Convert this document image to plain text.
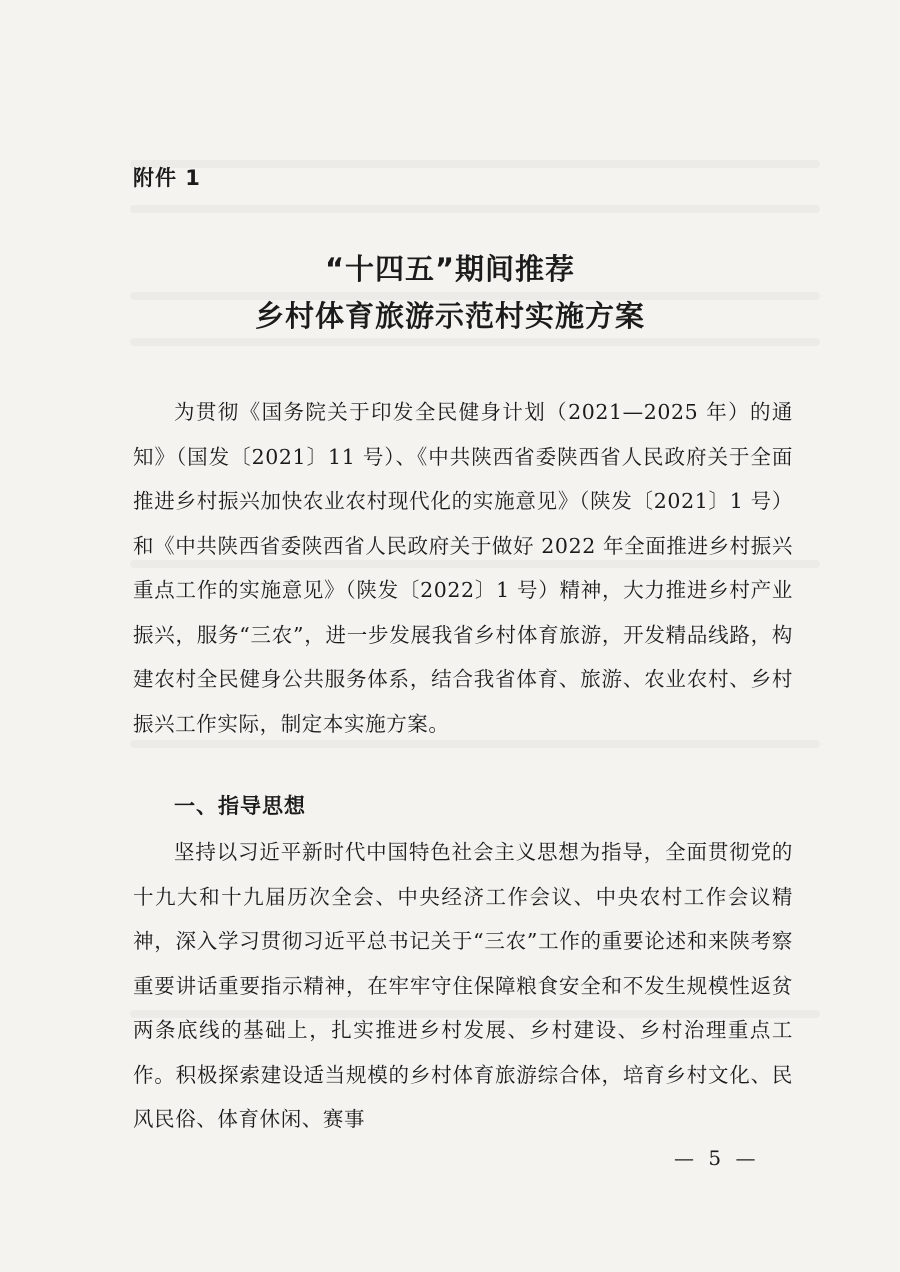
附件 1
“十四五”期间推荐
乡村体育旅游示范村实施方案
为贯彻《国务院关于印发全民健身计划（2021—2025 年）的通知》（国发〔2021〕11 号）、《中共陕西省委陕西省人民政府关于全面推进乡村振兴加快农业农村现代化的实施意见》（陕发〔2021〕1 号）和《中共陕西省委陕西省人民政府关于做好 2022 年全面推进乡村振兴重点工作的实施意见》（陕发〔2022〕1 号）精神，大力推进乡村产业振兴，服务“三农”，进一步发展我省乡村体育旅游，开发精品线路，构建农村全民健身公共服务体系，结合我省体育、旅游、农业农村、乡村振兴工作实际，制定本实施方案。
一、指导思想
坚持以习近平新时代中国特色社会主义思想为指导，全面贯彻党的十九大和十九届历次全会、中央经济工作会议、中央农村工作会议精神，深入学习贯彻习近平总书记关于“三农”工作的重要论述和来陕考察重要讲话重要指示精神，在牢牢守住保障粮食安全和不发生规模性返贫两条底线的基础上，扎实推进乡村发展、乡村建设、乡村治理重点工作。积极探索建设适当规模的乡村体育旅游综合体，培育乡村文化、民风民俗、体育休闲、赛事
— 5 —
